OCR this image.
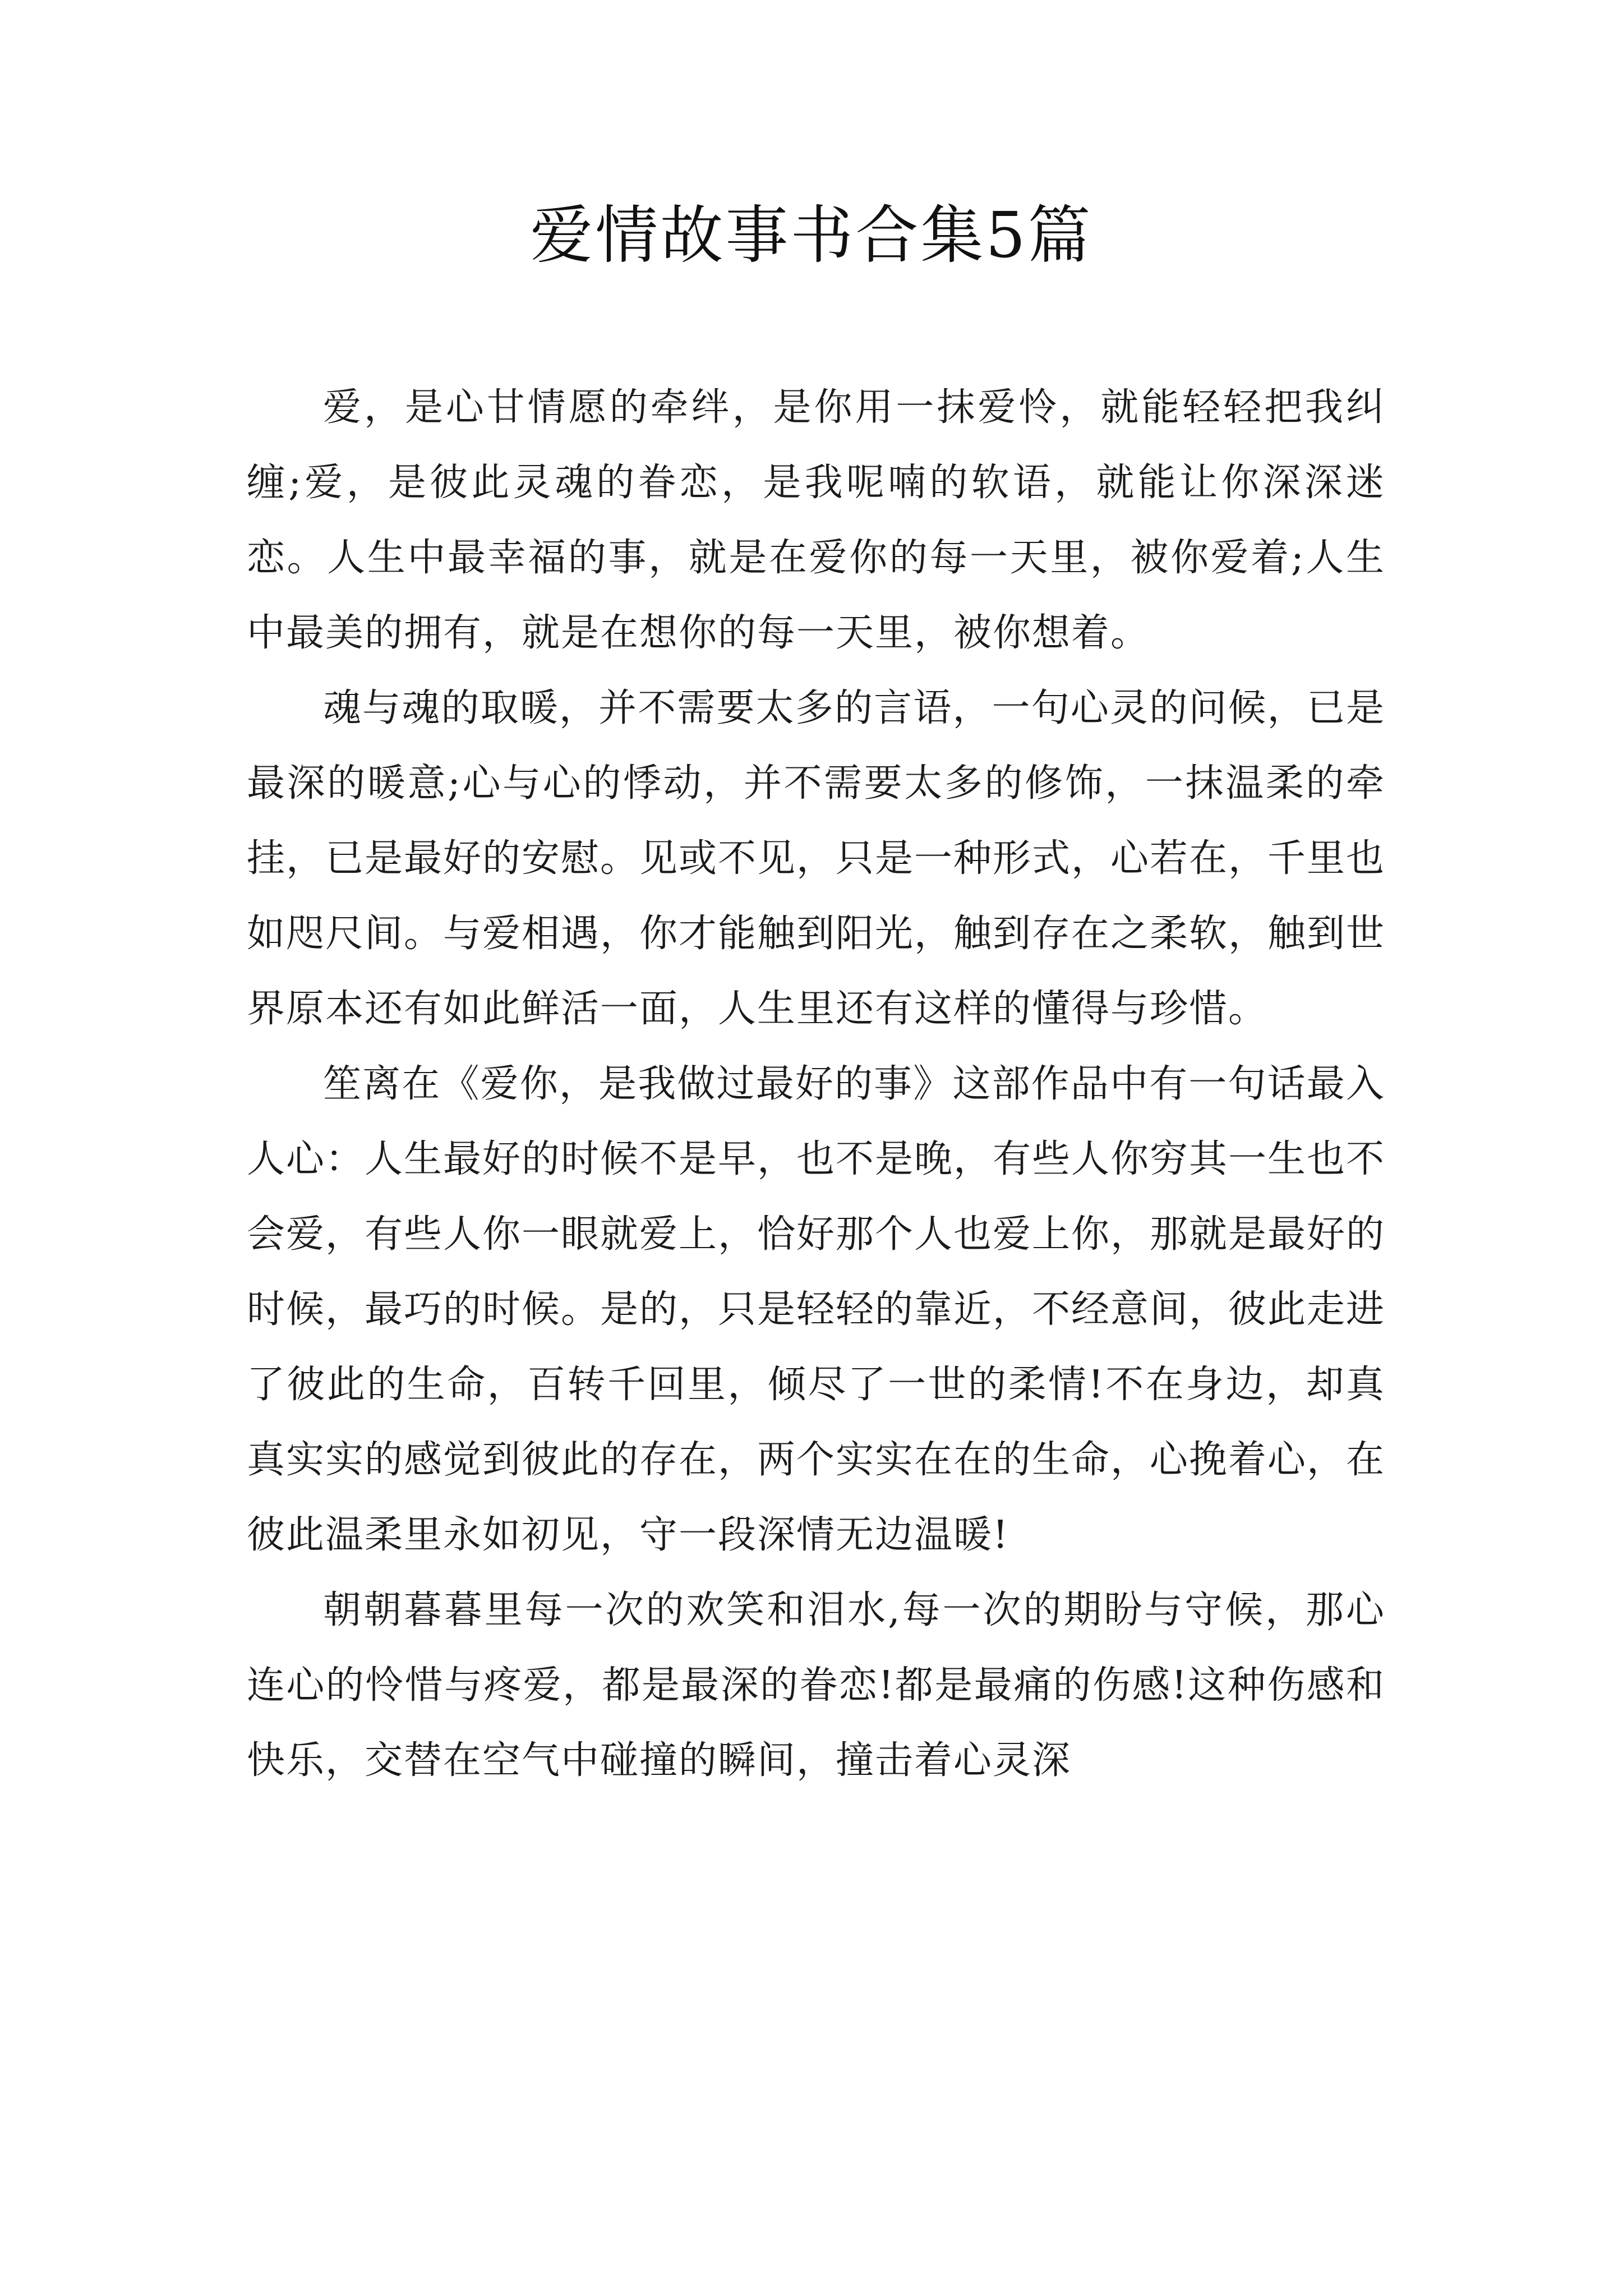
爱情故事书合集5篇

爱，是心甘情愿的牵绊，是你用一抹爱怜，就能轻轻把我纠缠;爱，是彼此灵魂的眷恋，是我呢喃的软语，就能让你深深迷恋。人生中最幸福的事，就是在爱你的每一天里，被你爱着;人生中最美的拥有，就是在想你的每一天里，被你想着。

魂与魂的取暖，并不需要太多的言语，一句心灵的问候，已是最深的暖意;心与心的悸动，并不需要太多的修饰，一抹温柔的牵挂，已是最好的安慰。见或不见，只是一种形式，心若在，千里也如咫尺间。与爱相遇，你才能触到阳光，触到存在之柔软，触到世界原本还有如此鲜活一面，人生里还有这样的懂得与珍惜。

笙离在《爱你，是我做过最好的事》这部作品中有一句话最入人心：人生最好的时候不是早，也不是晚，有些人你穷其一生也不会爱，有些人你一眼就爱上，恰好那个人也爱上你，那就是最好的时候，最巧的时候。是的，只是轻轻的靠近，不经意间，彼此走进了彼此的生命，百转千回里，倾尽了一世的柔情!不在身边，却真真实实的感觉到彼此的存在，两个实实在在的生命，心挽着心，在彼此温柔里永如初见，守一段深情无边温暖!

朝朝暮暮里每一次的欢笑和泪水,每一次的期盼与守候，那心连心的怜惜与疼爱，都是最深的眷恋!都是最痛的伤感!这种伤感和快乐，交替在空气中碰撞的瞬间，撞击着心灵深
